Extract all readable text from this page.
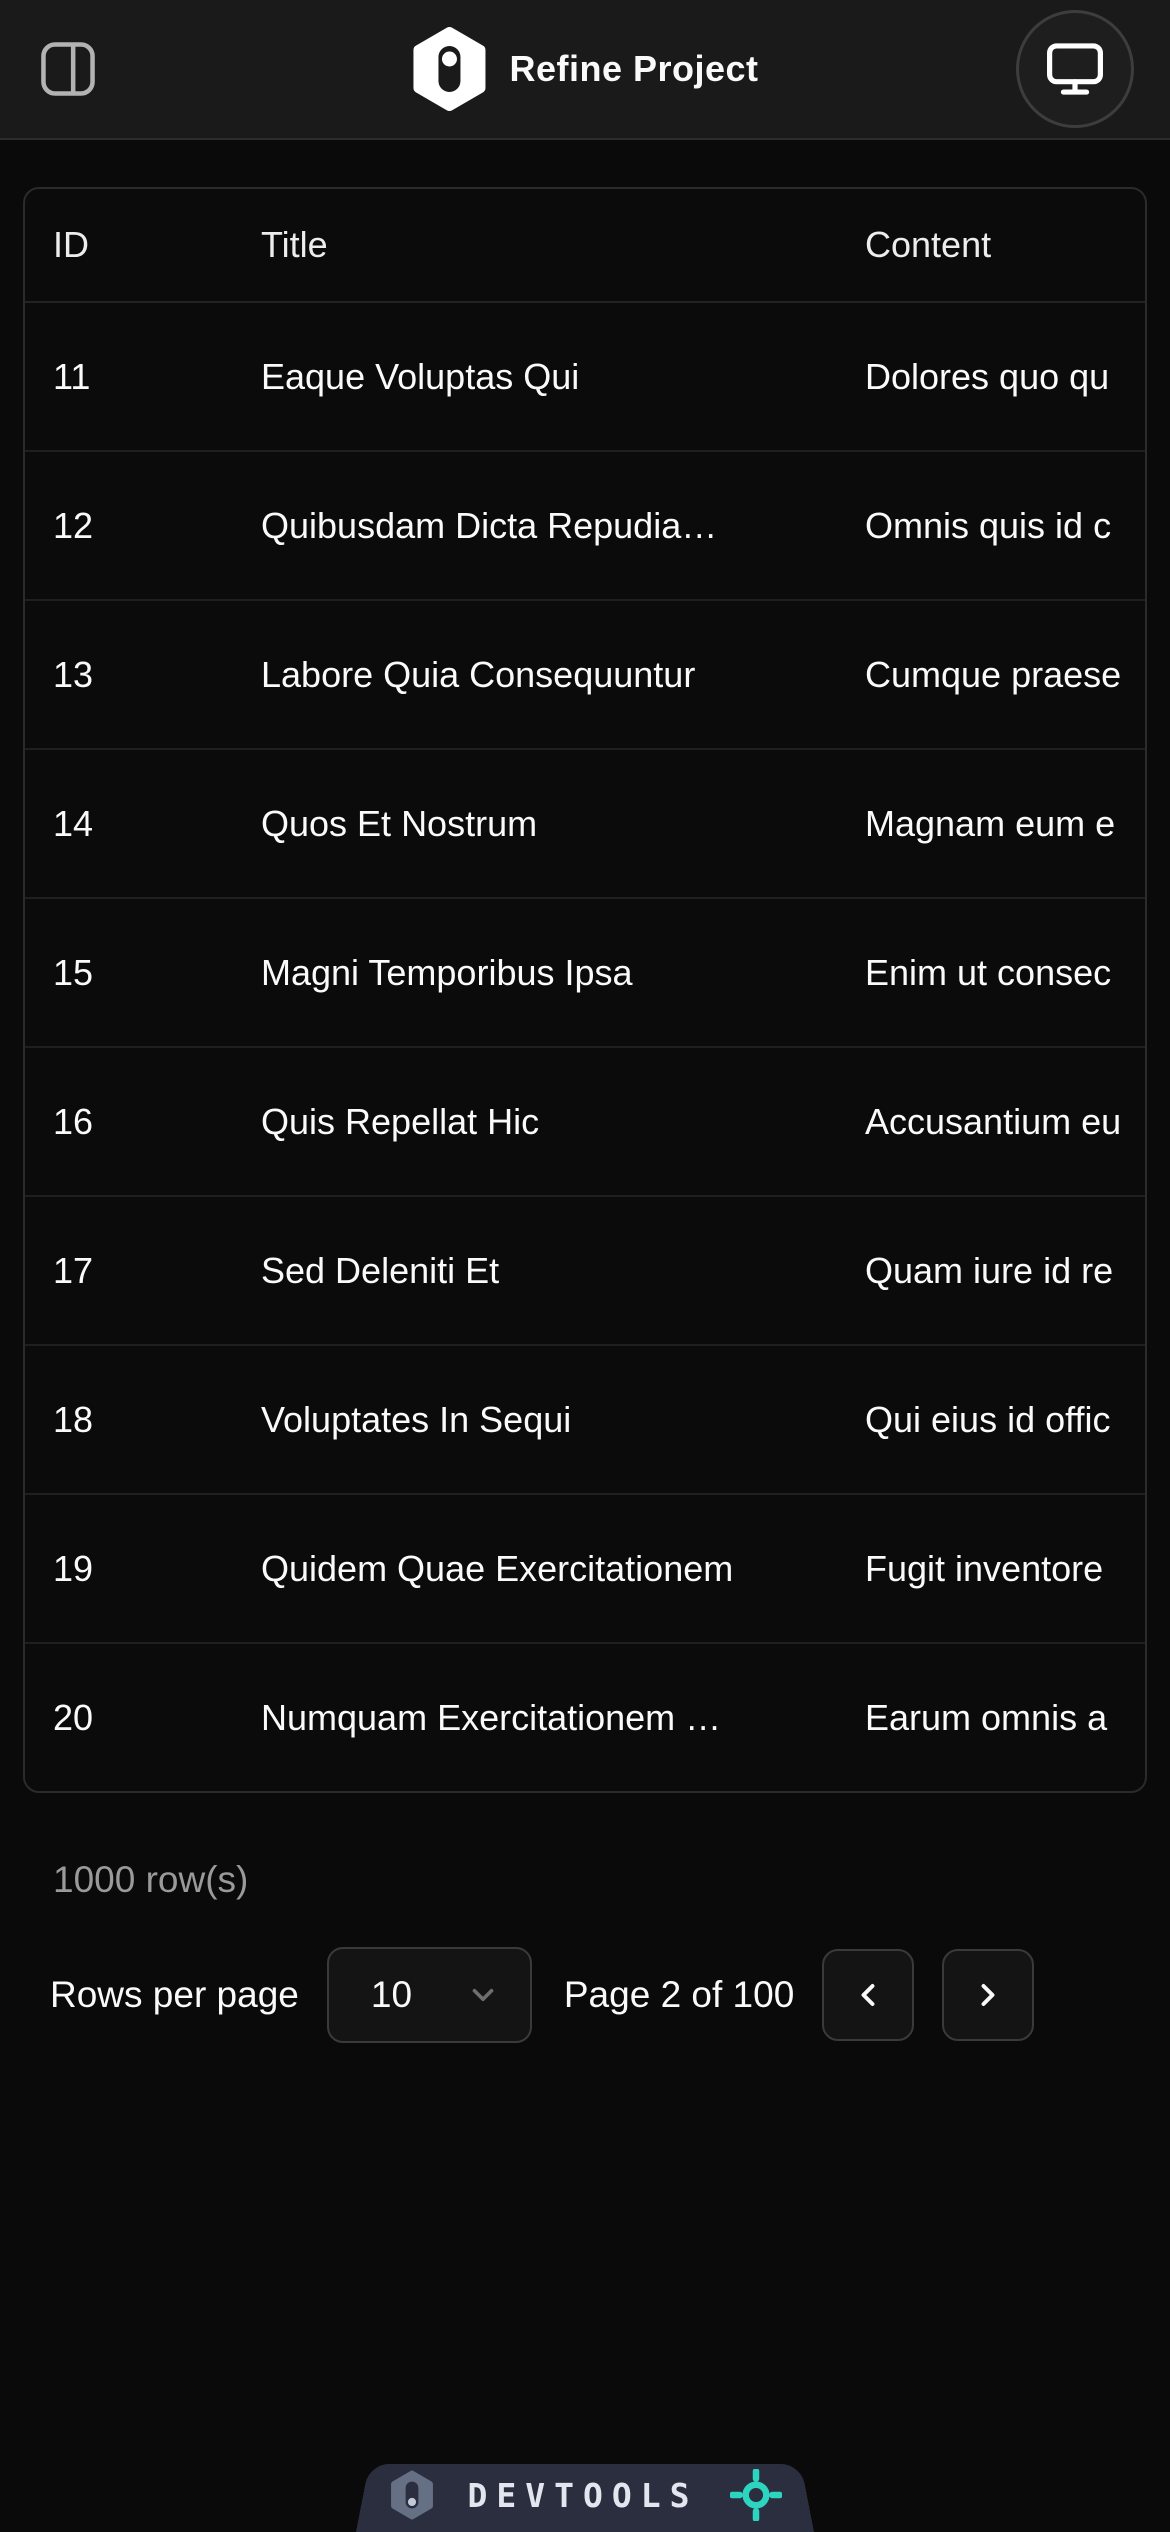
Refine Project
ID	Title	Content
11	Eaque Voluptas Qui	Dolores quo qu
12	Quibusdam Dicta Repudia…	Omnis quis id c
13	Labore Quia Consequuntur	Cumque praese
14	Quos Et Nostrum	Magnam eum e
15	Magni Temporibus Ipsa	Enim ut consec
16	Quis Repellat Hic	Accusantium eu
17	Sed Deleniti Et	Quam iure id re
18	Voluptates In Sequi	Qui eius id offic
19	Quidem Quae Exercitationem	Fugit inventore
20	Numquam Exercitationem …	Earum omnis a
1000 row(s)
Rows per page 10	Page 2 of 100
DEVTOOLS
